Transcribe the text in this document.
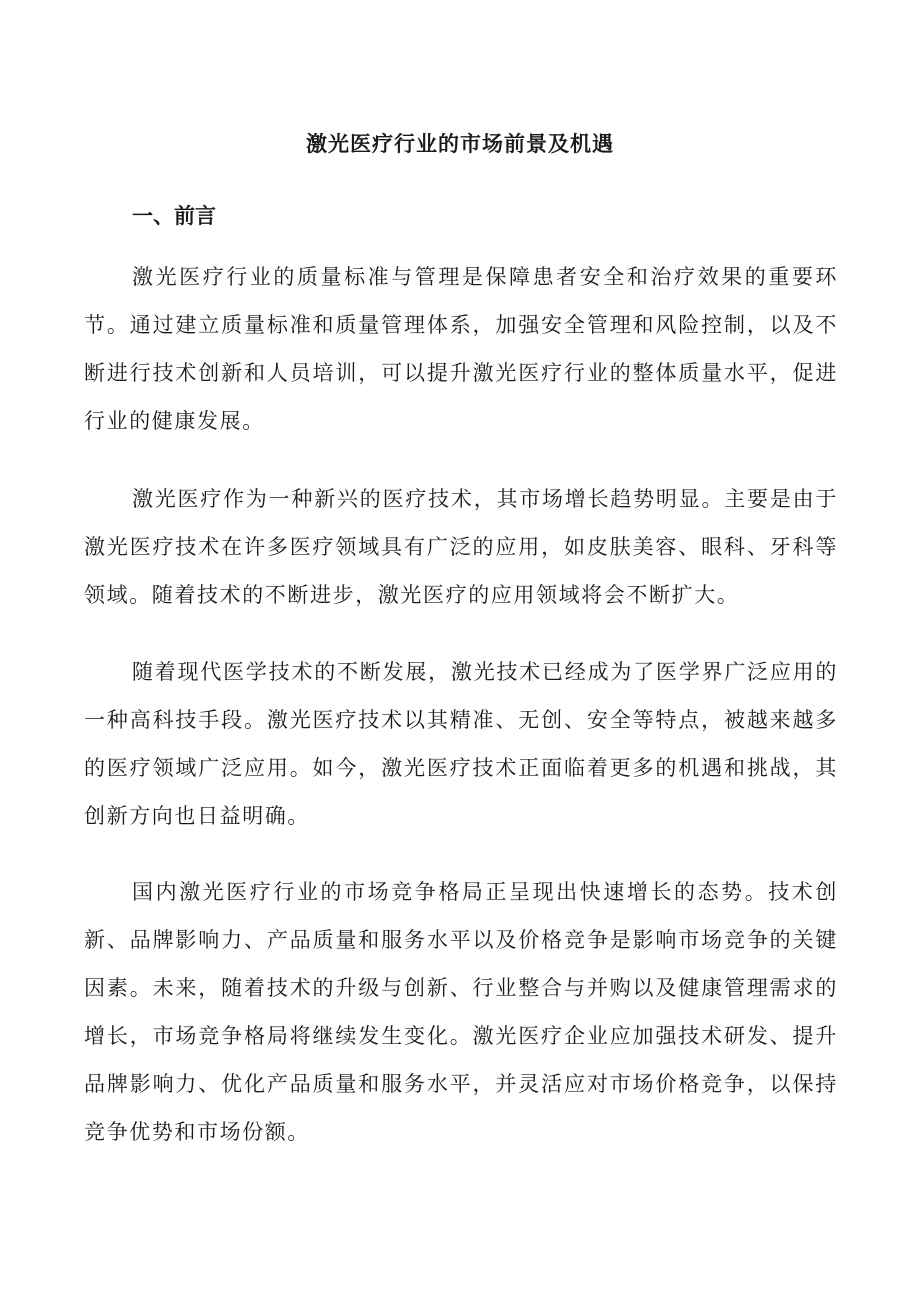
激光医疗行业的市场前景及机遇
一、前言

激光医疗行业的质量标准与管理是保障患者安全和治疗效果的重要环节。通过建立质量标准和质量管理体系，加强安全管理和风险控制，以及不断进行技术创新和人员培训，可以提升激光医疗行业的整体质量水平，促进行业的健康发展。

激光医疗作为一种新兴的医疗技术，其市场增长趋势明显。主要是由于激光医疗技术在许多医疗领域具有广泛的应用，如皮肤美容、眼科、牙科等领域。随着技术的不断进步，激光医疗的应用领域将会不断扩大。

随着现代医学技术的不断发展，激光技术已经成为了医学界广泛应用的一种高科技手段。激光医疗技术以其精准、无创、安全等特点，被越来越多的医疗领域广泛应用。如今，激光医疗技术正面临着更多的机遇和挑战，其创新方向也日益明确。

国内激光医疗行业的市场竞争格局正呈现出快速增长的态势。技术创新、品牌影响力、产品质量和服务水平以及价格竞争是影响市场竞争的关键因素。未来，随着技术的升级与创新、行业整合与并购以及健康管理需求的增长，市场竞争格局将继续发生变化。激光医疗企业应加强技术研发、提升品牌影响力、优化产品质量和服务水平，并灵活应对市场价格竞争，以保持竞争优势和市场份额。
